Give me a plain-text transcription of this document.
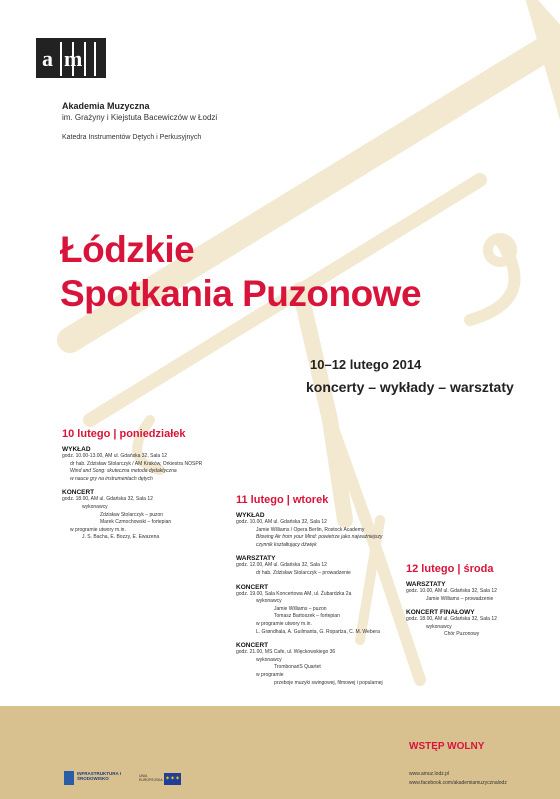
a m
Akademia Muzyczna
im. Grażyny i Kiejstuta Bacewiczów w Łodzi
Katedra Instrumentów Dętych i Perkusyjnych
Łódzkie
Spotkania Puzonowe
10–12 lutego 2014
koncerty – wykłady – warsztaty
10 lutego | poniedziałek
WYKŁAD
godz. 10.00-13.00, AM ul. Gdańska 32, Sala 12
dr hab. Zdzisław Stolarczyk / AM Kraków, Orkiestra NOSPR
Wind and Song: skuteczna metoda dydaktyczna
w nauce gry na instrumentach dętych
KONCERT
godz. 18.00, AM ul. Gdańska 32, Sala 12
wykonawcy
Zdzisław Stolarczyk – puzon
Marek Czmochowski – fortepian
w programie utwory m.in.
J. S. Bacha, E. Bozzy, E. Ewazena
11 lutego | wtorek
WYKŁAD
godz. 10.00, AM ul. Gdańska 32, Sala 12
Jamie Williams / Opera Berlin, Rostock Academy
Blowing Air from your Mind: powietrze jako najważniejszy
czynnik kształtujący dźwięk
WARSZTATY
godz. 12.00, AM ul. Gdańska 32, Sala 12
dr hab. Zdzisław Stolarczyk – prowadzenie
KONCERT
godz. 19.00, Sala Koncertowa AM, ul. Żubardzka 2a
wykonawcy
Jamie Williams – puzon
Tomasz Bartoszek – fortepian
w programie utwory m.in.
L. Grøndhala, A. Guilmanta, G. Ropartza, C. M. Webera
KONCERT
godz. 21.00, MS Cafe, ul. Więckowskiego 36
wykonawcy
TrombonariS Quartet
w programie
przeboje muzyki swingowej, filmowej i popularnej
12 lutego | środa
WARSZTATY
godz. 10.00, AM ul. Gdańska 32, Sala 12
Jamie Williams – prowadzenie
KONCERT FINAŁOWY
godz. 18.00, AM ul. Gdańska 32, Sala 12
wykonawcy
Chór Puzonowy
INFRASTRUKTURA I ŚRODOWISKO	UNIA EUROPEJSKA ✶✶✶
WSTĘP WOLNY
www.amuz.lodz.pl
www.facebook.com/akademiamuzycznalodz
